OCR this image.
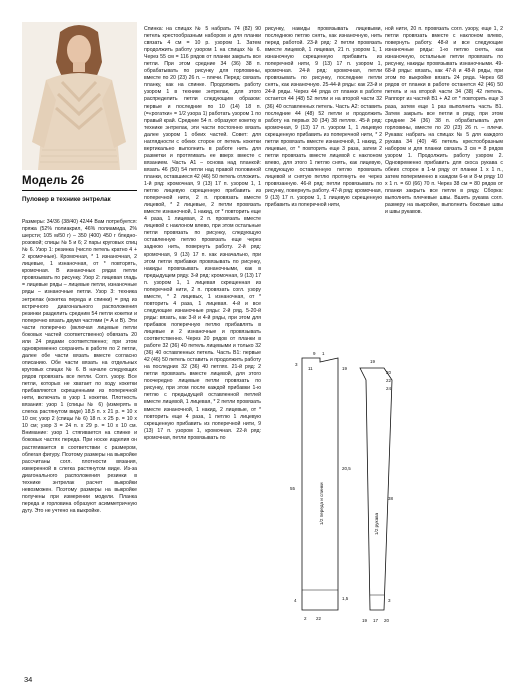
Модель 26
Пуловер в технике энтрелак

Размеры: 34/36 (38/40) 42/44 Вам потребуется: пряжа (52% полиакрил, 46% полиамида, 2% шерсти; 105 м/50 г) – 350 (400) 450 г бледно-розовой; спицы № 5 и 6; 2 пары круговых спиц № 6. Узор 1: резинка (число петель кратно 4 + 2 кромочные). Кромочная, * 1 изнаночная, 2 лицевые, 1 изнаночная, от * повторять, кромочная. В изнаночных рядах петли провязывать по рисунку. Узор 2: лицевая гладь = лицевые ряды – лицевые петли, изнаночные ряды – изнаночные петли. Узор 3: техника энтрелак (кокетка переда и спинки) = ряд из встречного диагонального расположения резинки разделить средним 54 петли кокетки и поперечно вязать двумя частями (= А и В). Эти части поперечно (включая лицевые петли боковых частей соответственно) обвязать 20 или 24 рядами соответственно; при этом одновременно сохранить в работе по 2 петли, далее обе части вязать вместе согласно описанию. Обе части вязать на отдельных круговых спицах № 6. В начале следующих рядов провязать все петли. Согл. узору. Все петли, которых не хватает по ходу кокетки прибавляются скрещенными из поперечной нити, включать в узор 1 кокетки. Плотность вязания: узор 1 (спицы № 6) (измерять в слегка растянутом виде) 18,5 п. x 21 р. = 10 x 10 см; узор 2 (спицы № 6) 18 п. x 25 р. = 10 x 10 см; узор 3 = 24 п. x 29 р. = 10 x 10 см. Внимание: узор 1 стягивается на спинке и боковых частях переда. При носке изделия он растягивается в соответствии с размером, облегая фигуру. Поэтому размеры на выкройке рассчитаны согл. плотности вязания, измеренной в слегка растянутом виде. Из-за диагонального расположения резинки в технике энтрелак расчет выкройки невозможен. Поэтому размеры на выкройке получены при измерении модели. Планка переда и горловина образуют асимметричную дугу. Это не учтено на выкройке.

Спинка: на спицах № 5 набрать 74 (82) 90 петель крестообразным набором и для планки связать 4 см = 10 р. узором 1. Затем продолжить работу узором 1 на спицах № 6. Через 55 см = 116 рядов от планки закрыть все петли. При этом средние 34 (36) 38 п. обрабатывать по рисунку для горловины, вместе по 20 (23) 26 п. – плечи. Перед: связать планку, как на спинке. Продолжить работу узором 1 в технике энтрелак, для этого распределить петли следующим образом: первые и последние по 10 (14) 18 п. (=«рогатки» = 1/2 узора 1) работать узором 1 по правый край. Средние 54 п. образуют кокетку в технике энтрелак, эти части постоянно вязать далее узором 1 обеих частей. Совет: для наглядности с обеих сторон от петель кокетки вертикально выполнить в работе нить для разметки и протягивать ее вверх вместе с вязанием. Часть А1 – основа над планкой: вязать 46 (50) 54 петли над правой половиной планки, оставшиеся 42 (46) 50 петель отложить. 1-й ряд: кромочная, 9 (13) 17 п. узором 1, 1 петлю лицевую скрещенную прибавить из поперечной нити, 2 п. провязать вместе лицевой, * 2 лицевые, 2 петли провязать вместе изнаночной, 1 накид, от * повторить еще 4 раза, 1 лицевая, 2 п. провязать вместе лицевой с наклоном влево, при этом остальные петли провязать по рисунку, следующую оставленную петлю провязать еще через заднюю нить, повернуть работу. 2-й ряд: кромочная, 9 (13) 17 п. как изначально, при этом петли прибавки провязывать по рисунку, накиды провязывать изнаночными, как в предыдущем ряду. 3-й ряд: кромочная, 9 (13) 17 п. узором 1, 1 лицевая скрещенная из поперечной нити, 2 п. провязать согл. узору вместе, * 2 лицевых, 1 изнаночная, от * повторить 4 раза, 1 лицевая. 4-й и все следующие изнаночные ряды: 2-й ряд. 5-20-й ряды: вязать, как 3-й и 4-й ряды, при этом для прибавок поперечную петлю прибавлять в лицевые и 2 изнаночные и провязывать соответственно. Через 20 рядов от планки в работе 32 (36) 40 петель лицевыми и только 32 (36) 40 оставленных петель. Часть В1: первые 42 (46) 50 петель оставить и продолжить работу на последних 32 (36) 40 петлях. 21-й ряд: 2 петли провязать вместе лицевой, для этого поочередно лицевые петли провязать по рисунку, при этом после каждой прибавки 1-ю петлю с предыдущей оставленной петлей вместе лицевой, 1 лицевая, * 2 петли провязать вместе изнаночной, 1 накид, 2 лицевые, от * повторить еще 4 раза, 1 петлю 1 лицевую скрещенную прибавить из поперечной нити, 9 (13) 17 п. узором 1, кромочная. 22-й ряд: кромочная, петли провязывать по

рисунку, накиды провязывать лицевыми, последнюю петлю снять, как изнаночную, нить перед работой. 23-й ряд: 2 петли провязать вместе лицевой, 1 лицевая, 21 п. узором 1, 1 изнаночную скрещенную прибавить из поперечной нити, 9 (13) 17 п. узором 1, кромочная. 24-й ряд: кромочная, петли провязывать по рисунку, последние петли снять, как изнаночную. 25-44-й ряды: как 23-й и 24-й ряды. Через 44 ряда от планки в работе остается 44 (48) 52 петли и на второй части 32 (36) 40 оставленных петель. Часть А2: оставить последние 44 (48) 52 петли и продолжить работу на первых 30 (34) 38 петлях. 45-й ряд: кромочная, 9 (13) 17 п. узором 1, 1 лицевую скрещенную прибавить из поперечной нити, * 2 петли провязать вместе изнаночной, 1 накид, 2 лицевые, от * повторить еще 3 раза, затем 2 петли провязать вместе лицевой с наклоном влево, для этого 1 петлю снять, как лицевую, следующую оставленную петлю провязать лицевой и снятую петлю протянуть ее через провязанную. 46-й ряд: петли провязывать по рисунку, повернуть работу. 47-й ряд: кромочная, 9 (13) 17 п. узором 1, 1 лицевую скрещенную прибавить из поперечной нити,

ной нити, 20 п. провязать согл. узору, еще 1, 2 петли провязать вместе с наклоном влево, повернуть работу. 48-й и все следующие изнаночные ряды: 1-ю петлю снять, как изнаночную, остальные петли провязать по рисунку, накиды провязывать изнаночными. 49-68-й ряды: вязать, как 47-й и 48-й ряды, при этом по выкройке вязать 24 ряда. Через 68 рядов от планки в работе останется 42 (46) 50 петель и на второй части 34 (38) 42 петель. Раппорт из частей В1 + А2 от * повторить еще 3 раза, затем еще 1 раз выполнить часть В1. Затем закрыть все петли в ряду, при этом средние 34 (36) 38 п. обрабатывать для горловины, вместе по 20 (23) 26 п. – плечи. Рукава: набрать на спицах № 5 для каждого рукава 34 (40) 46 петель крестообразным набором и для планки связать 3 см = 8 рядов узором 1. Продолжить работу узором 2. Одновременно прибавить для скоса рукава с обеих сторон в 1-м ряду от планки 1 x 1 п., затем попеременно в каждом 6-м и 8-м ряду 10 x 1 п. = 60 (66) 70 п. Через 38 см = 80 рядов от планки закрыть все петли в ряду. Сборка: выполнить плечевые швы. Вшить рукава согл. размеру на выкройке, выполнить боковые швы и швы рукавов.

9 1
11
3
55
19
20,5
1,5
22
2
4
19
20
22
24
38
17
19	20
3
1/2 переда и спинки	1/2 рукава
34
